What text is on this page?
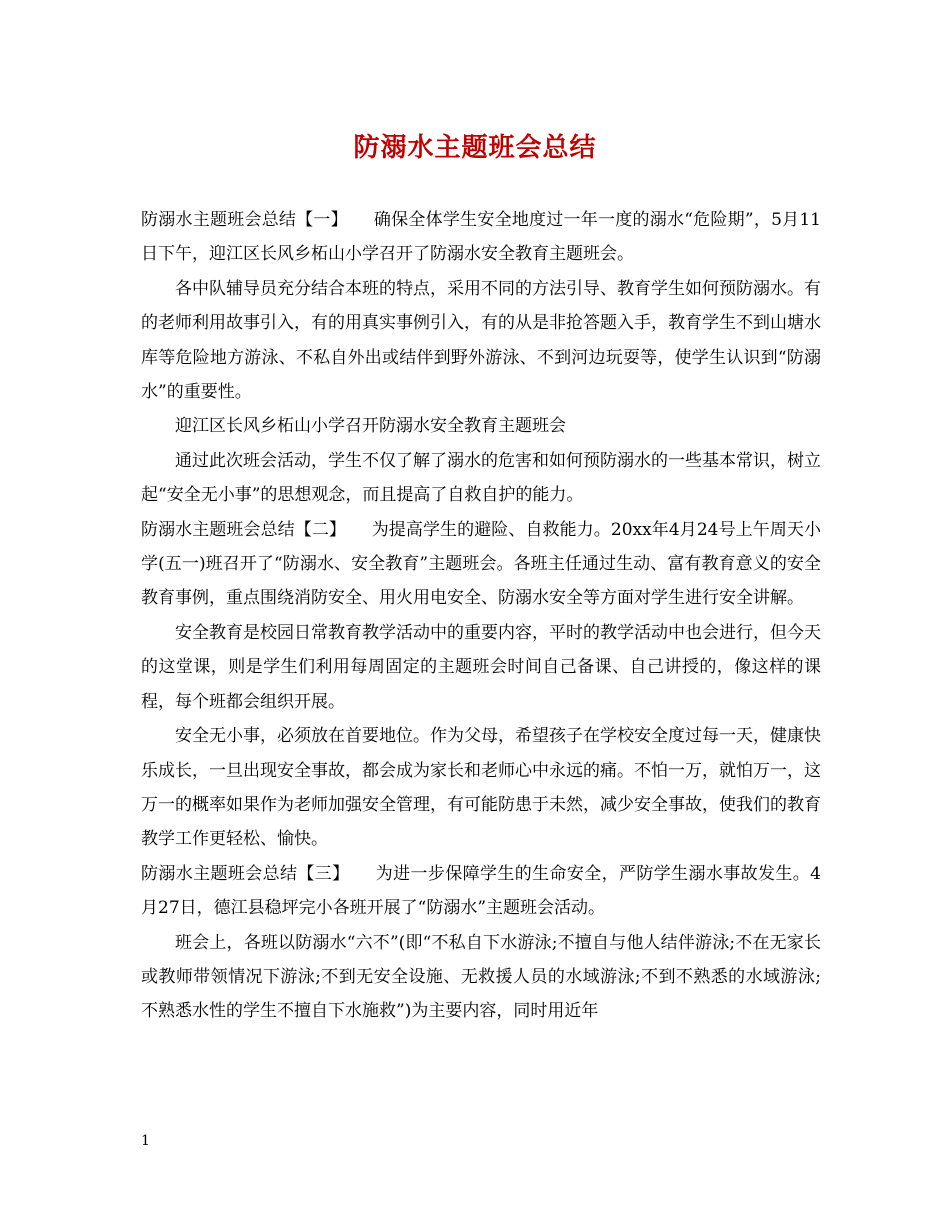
防溺水主题班会总结

防溺水主题班会总结【一】　　 确保全体学生安全地度过一年一度的溺水“危险期”，5月11日下午，迎江区长风乡柘山小学召开了防溺水安全教育主题班会。

各中队辅导员充分结合本班的特点，采用不同的方法引导、教育学生如何预防溺水。有的老师利用故事引入，有的用真实事例引入，有的从是非抢答题入手，教育学生不到山塘水库等危险地方游泳、不私自外出或结伴到野外游泳、不到河边玩耍等，使学生认识到“防溺水”的重要性。

迎江区长风乡柘山小学召开防溺水安全教育主题班会

通过此次班会活动，学生不仅了解了溺水的危害和如何预防溺水的一些基本常识，树立起“安全无小事”的思想观念，而且提高了自救自护的能力。

防溺水主题班会总结【二】　　 为提高学生的避险、自救能力。20xx年4月24号上午周天小学(五一)班召开了“防溺水、安全教育”主题班会。各班主任通过生动、富有教育意义的安全教育事例，重点围绕消防安全、用火用电安全、防溺水安全等方面对学生进行安全讲解。

安全教育是校园日常教育教学活动中的重要内容，平时的教学活动中也会进行，但今天的这堂课，则是学生们利用每周固定的主题班会时间自己备课、自己讲授的，像这样的课程，每个班都会组织开展。

安全无小事，必须放在首要地位。作为父母，希望孩子在学校安全度过每一天，健康快乐成长，一旦出现安全事故，都会成为家长和老师心中永远的痛。不怕一万，就怕万一，这万一的概率如果作为老师加强安全管理，有可能防患于未然，减少安全事故，使我们的教育教学工作更轻松、愉快。

防溺水主题班会总结【三】　　 为进一步保障学生的生命安全，严防学生溺水事故发生。4月27日，德江县稳坪完小各班开展了“防溺水”主题班会活动。

班会上，各班以防溺水“六不”(即“不私自下水游泳;不擅自与他人结伴游泳;不在无家长或教师带领情况下游泳;不到无安全设施、无救援人员的水域游泳;不到不熟悉的水域游泳;不熟悉水性的学生不擅自下水施救”)为主要内容，同时用近年

1
